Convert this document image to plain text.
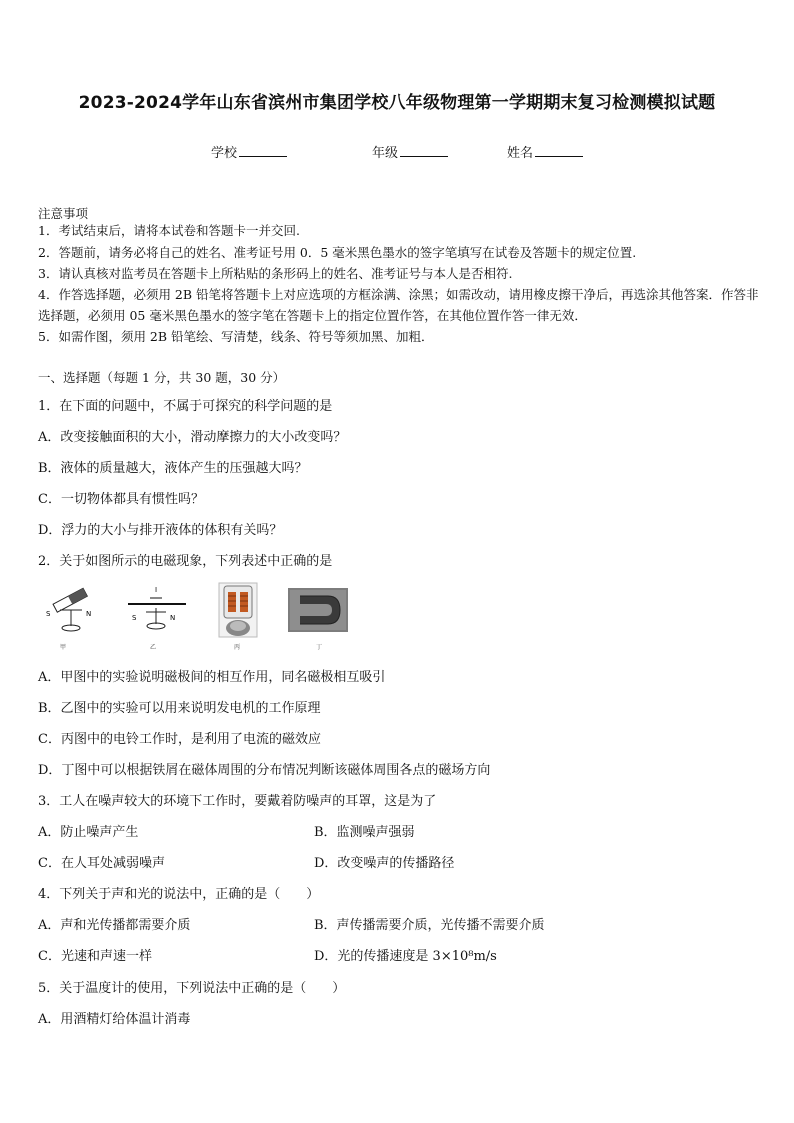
2023-2024学年山东省滨州市集团学校八年级物理第一学期期末复习检测模拟试题
学校	年级	姓名
注意事项
1．考试结束后，请将本试卷和答题卡一并交回.
2．答题前，请务必将自己的姓名、准考证号用 0．5 毫米黑色墨水的签字笔填写在试卷及答题卡的规定位置.
3．请认真核对监考员在答题卡上所粘贴的条形码上的姓名、准考证号与本人是否相符.
4．作答选择题，必须用 2B 铅笔将答题卡上对应选项的方框涂满、涂黑；如需改动，请用橡皮擦干净后，再选涂其他答案．作答非选择题，必须用 05 毫米黑色墨水的签字笔在答题卡上的指定位置作答，在其他位置作答一律无效．
5．如需作图，须用 2B 铅笔绘、写清楚，线条、符号等须加黑、加粗．
一、选择题（每题 1 分，共 30 题，30 分）
1．在下面的问题中，不属于可探究的科学问题的是
A．改变接触面积的大小，滑动摩擦力的大小改变吗？
B．液体的质量越大，液体产生的压强越大吗？
C．一切物体都具有惯性吗？
D．浮力的大小与排开液体的体积有关吗？
2．关于如图所示的电磁现象，下列表述中正确的是
S	N
I
S	N
甲	乙	丙	丁
A．甲图中的实验说明磁极间的相互作用，同名磁极相互吸引
B．乙图中的实验可以用来说明发电机的工作原理
C．丙图中的电铃工作时，是利用了电流的磁效应
D．丁图中可以根据铁屑在磁体周围的分布情况判断该磁体周围各点的磁场方向
3．工人在噪声较大的环境下工作时，要戴着防噪声的耳罩，这是为了
A．防止噪声产生	B．监测噪声强弱
C．在人耳处减弱噪声	D．改变噪声的传播路径
4．下列关于声和光的说法中，正确的是（　　）
A．声和光传播都需要介质	B．声传播需要介质，光传播不需要介质
C．光速和声速一样	D．光的传播速度是 3×10⁸m/s
5．关于温度计的使用，下列说法中正确的是（　　）
A．用酒精灯给体温计消毒
